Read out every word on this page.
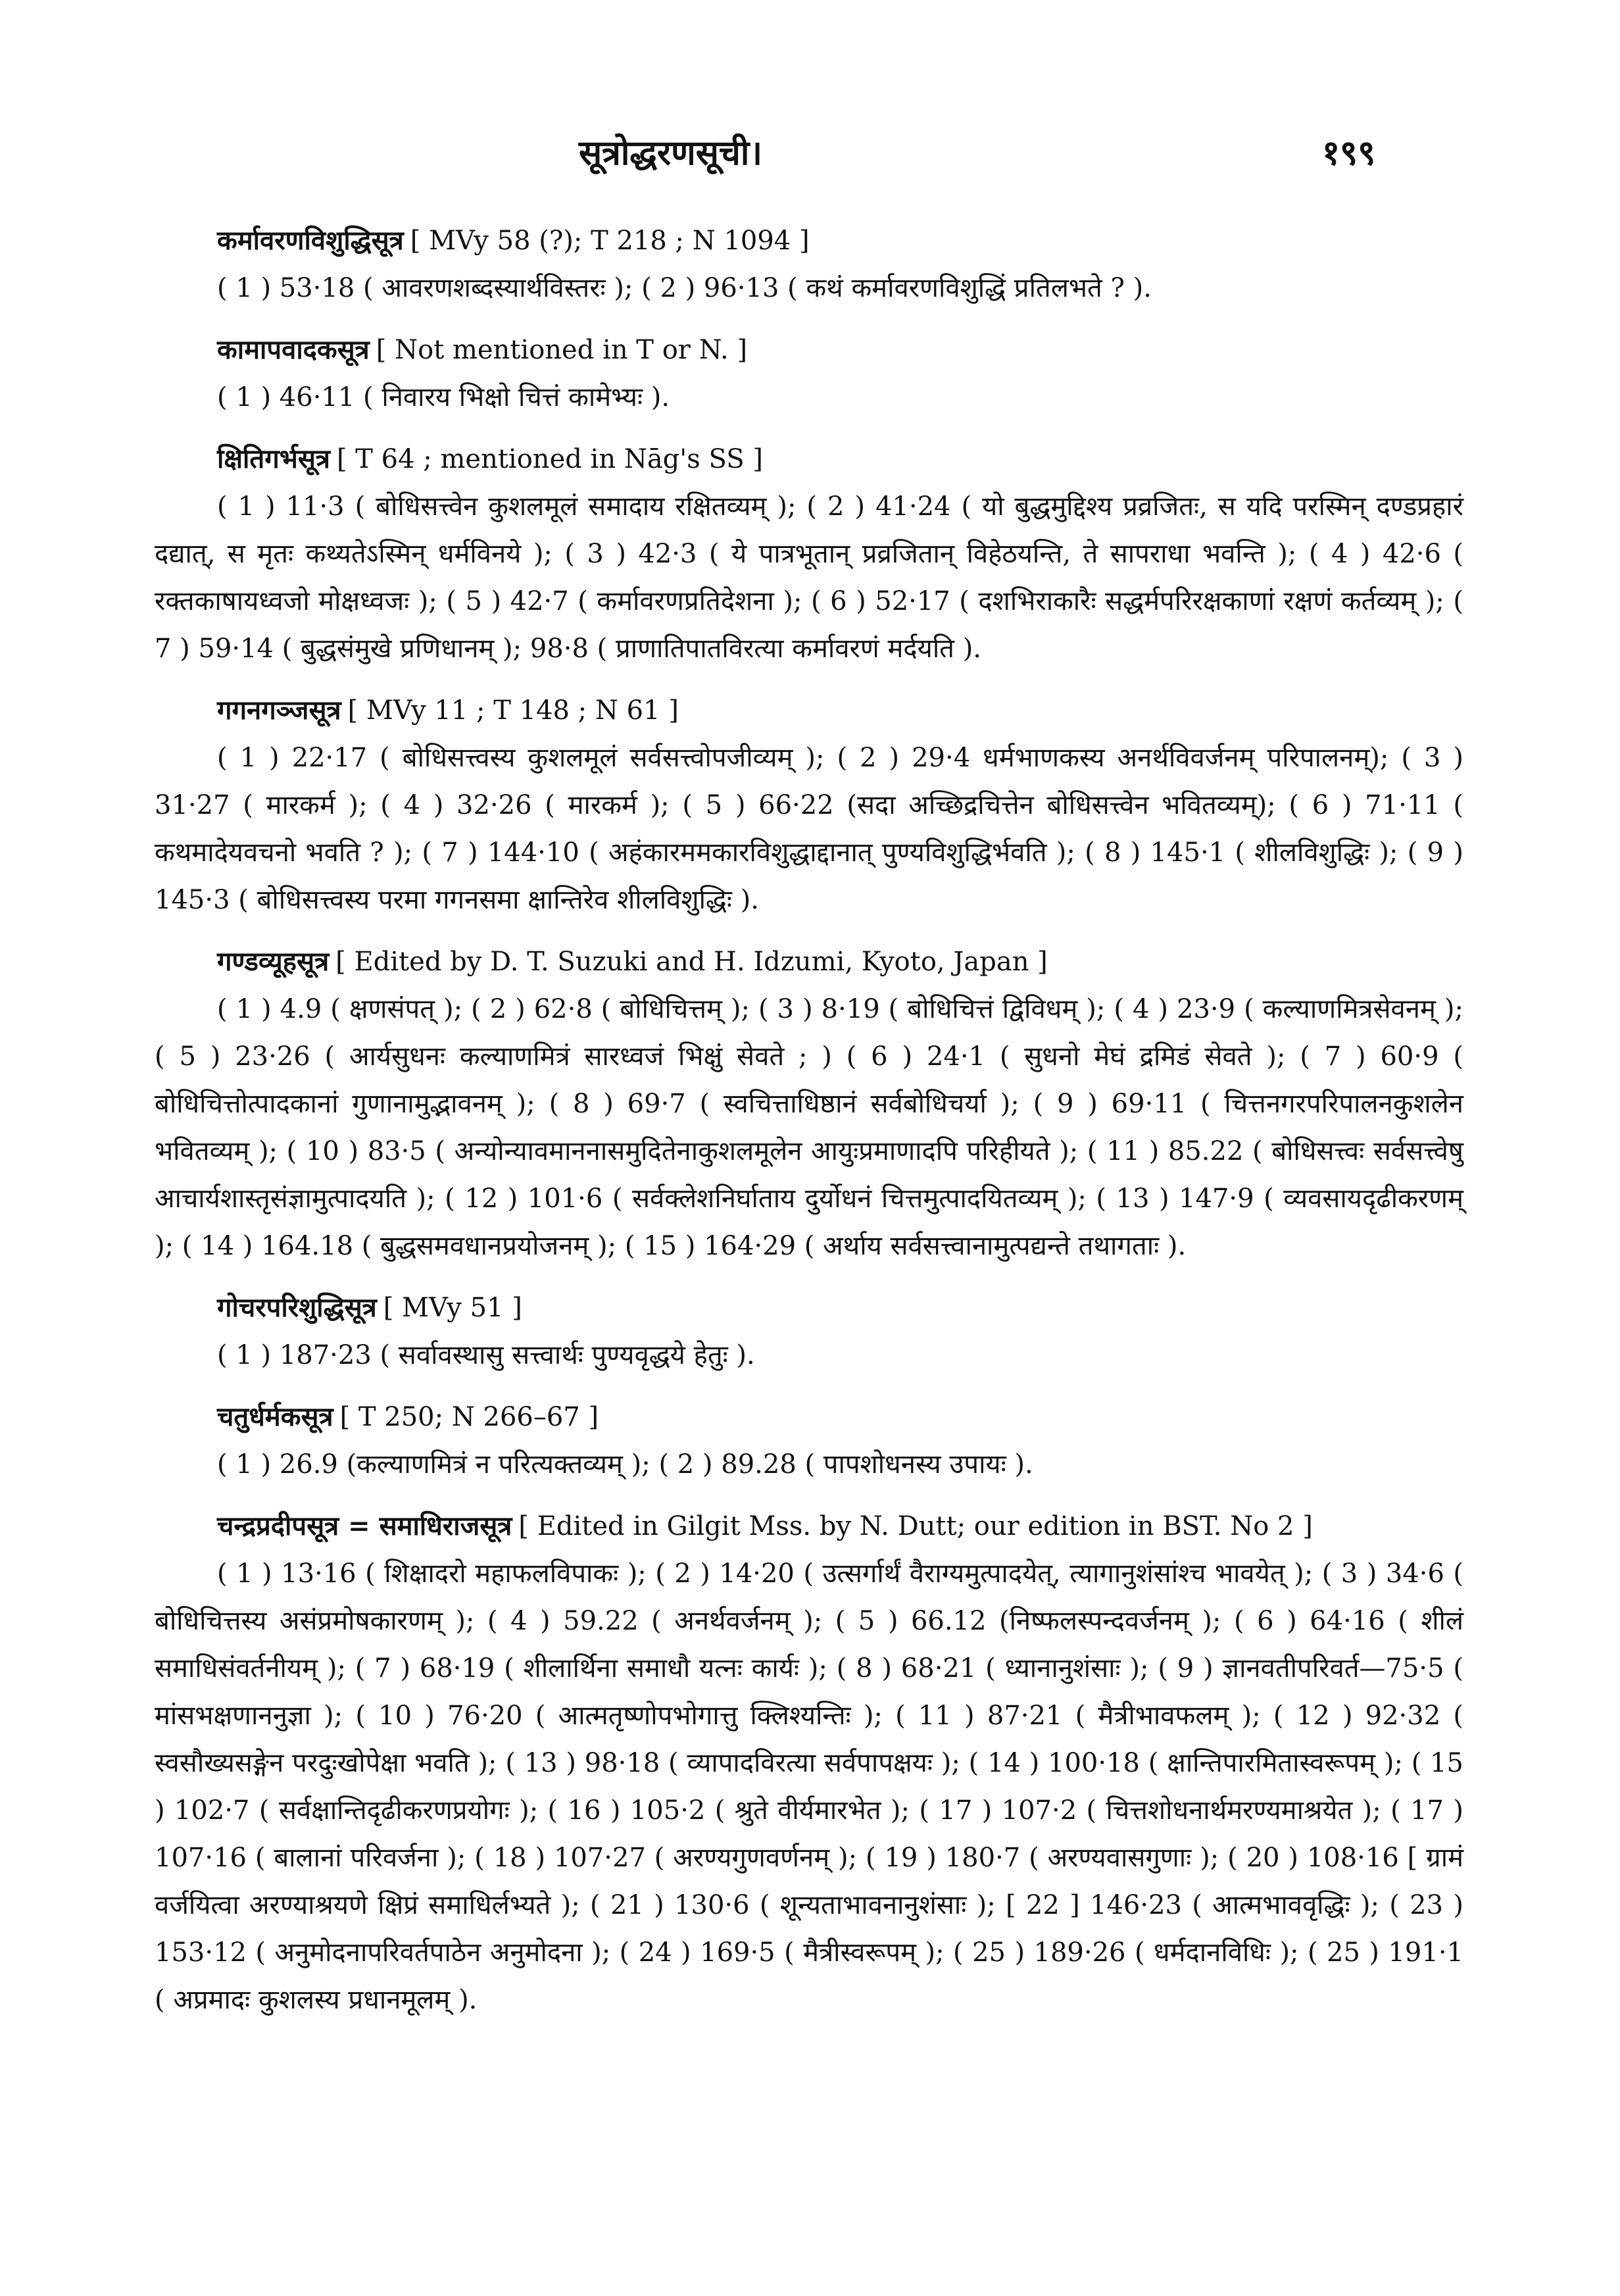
सूत्रोद्धरणसूची।	१९९
कर्मावरणविशुद्धिसूत्र [ MVy 58 (?); T 218 ; N 1094 ]

( 1 ) 53·18 ( आवरणशब्दस्यार्थविस्तरः ); ( 2 ) 96·13 ( कथं कर्मावरणविशुद्धिं प्रतिलभते ? ).

कामापवादकसूत्र [ Not mentioned in T or N. ]

( 1 ) 46·11 ( निवारय भिक्षो चित्तं कामेभ्यः ).

क्षितिगर्भसूत्र [ T 64 ; mentioned in Nāg's SS ]

( 1 ) 11·3 ( बोधिसत्त्वेन कुशलमूलं समादाय रक्षितव्यम् ); ( 2 ) 41·24 ( यो बुद्धमुद्दिश्य प्रव्रजितः, स यदि परस्मिन् दण्डप्रहारं दद्यात्, स मृतः कथ्यतेऽस्मिन् धर्मविनये ); ( 3 ) 42·3 ( ये पात्रभूतान् प्रव्रजितान् विहेठयन्ति, ते सापराधा भवन्ति ); ( 4 ) 42·6 ( रक्तकाषायध्वजो मोक्षध्वजः ); ( 5 ) 42·7 ( कर्मावरणप्रतिदेशना ); ( 6 ) 52·17 ( दशभिराकारैः सद्धर्मपरिरक्षकाणां रक्षणं कर्तव्यम् ); ( 7 ) 59·14 ( बुद्धसंमुखे प्रणिधानम् ); 98·8 ( प्राणातिपातविरत्या कर्मावरणं मर्दयति ).

गगनगञ्जसूत्र [ MVy 11 ; T 148 ; N 61 ]

( 1 ) 22·17 ( बोधिसत्त्वस्य कुशलमूलं सर्वसत्त्वोपजीव्यम् ); ( 2 ) 29·4 धर्मभाणकस्य अनर्थविवर्जनम् परिपालनम्); ( 3 ) 31·27 ( मारकर्म ); ( 4 ) 32·26 ( मारकर्म ); ( 5 ) 66·22 (सदा अच्छिद्रचित्तेन बोधिसत्त्वेन भवितव्यम्); ( 6 ) 71·11 ( कथमादेयवचनो भवति ? ); ( 7 ) 144·10 ( अहंकारममकारविशुद्धाद्दानात् पुण्यविशुद्धिर्भवति ); ( 8 ) 145·1 ( शीलविशुद्धिः ); ( 9 ) 145·3 ( बोधिसत्त्वस्य परमा गगनसमा क्षान्तिरेव शीलविशुद्धिः ).

गण्डव्यूहसूत्र [ Edited by D. T. Suzuki and H. Idzumi, Kyoto, Japan ]

( 1 ) 4.9 ( क्षणसंपत् ); ( 2 ) 62·8 ( बोधिचित्तम् ); ( 3 ) 8·19 ( बोधिचित्तं द्विविधम् ); ( 4 ) 23·9 ( कल्याणमित्रसेवनम् ); ( 5 ) 23·26 ( आर्यसुधनः कल्याणमित्रं सारध्वजं भिक्षुं सेवते ; ) ( 6 ) 24·1 ( सुधनो मेघं द्रमिडं सेवते ); ( 7 ) 60·9 ( बोधिचित्तोत्पादकानां गुणानामुद्भावनम् ); ( 8 ) 69·7 ( स्वचित्ताधिष्ठानं सर्वबोधिचर्या ); ( 9 ) 69·11 ( चित्तनगरपरिपालनकुशलेन भवितव्यम् ); ( 10 ) 83·5 ( अन्योन्यावमाननासमुदितेनाकुशलमूलेन आयुःप्रमाणादपि परिहीयते ); ( 11 ) 85.22 ( बोधिसत्त्वः सर्वसत्त्वेषु आचार्यशास्तृसंज्ञामुत्पादयति ); ( 12 ) 101·6 ( सर्वक्लेशनिर्घाताय दुर्योधनं चित्तमुत्पादयितव्यम् ); ( 13 ) 147·9 ( व्यवसायदृढीकरणम् ); ( 14 ) 164.18 ( बुद्धसमवधानप्रयोजनम् ); ( 15 ) 164·29 ( अर्थाय सर्वसत्त्वानामुत्पद्यन्ते तथागताः ).

गोचरपरिशुद्धिसूत्र [ MVy 51 ]

( 1 ) 187·23 ( सर्वावस्थासु सत्त्वार्थः पुण्यवृद्धये हेतुः ).

चतुर्धर्मकसूत्र [ T 250; N 266–67 ]

( 1 ) 26.9 (कल्याणमित्रं न परित्यक्तव्यम् ); ( 2 ) 89.28 ( पापशोधनस्य उपायः ).

चन्द्रप्रदीपसूत्र = समाधिराजसूत्र [ Edited in Gilgit Mss. by N. Dutt; our edition in BST. No 2 ]

( 1 ) 13·16 ( शिक्षादरो महाफलविपाकः ); ( 2 ) 14·20 ( उत्सर्गार्थं वैराग्यमुत्पादयेत्, त्यागानुशंसांश्च भावयेत् ); ( 3 ) 34·6 ( बोधिचित्तस्य असंप्रमोषकारणम् ); ( 4 ) 59.22 ( अनर्थवर्जनम् ); ( 5 ) 66.12 (निष्फलस्पन्दवर्जनम् ); ( 6 ) 64·16 ( शीलं समाधिसंवर्तनीयम् ); ( 7 ) 68·19 ( शीलार्थिना समाधौ यत्नः कार्यः ); ( 8 ) 68·21 ( ध्यानानुशंसाः ); ( 9 ) ज्ञानवतीपरिवर्त—75·5 ( मांसभक्षणाननुज्ञा ); ( 10 ) 76·20 ( आत्मतृष्णोपभोगात्तु क्लिश्यन्तिः ); ( 11 ) 87·21 ( मैत्रीभावफलम् ); ( 12 ) 92·32 ( स्वसौख्यसङ्गेन परदुःखोपेक्षा भवति ); ( 13 ) 98·18 ( व्यापादविरत्या सर्वपापक्षयः ); ( 14 ) 100·18 ( क्षान्तिपारमितास्वरूपम् ); ( 15 ) 102·7 ( सर्वक्षान्तिदृढीकरणप्रयोगः ); ( 16 ) 105·2 ( श्रुते वीर्यमारभेत ); ( 17 ) 107·2 ( चित्तशोधनार्थमरण्यमाश्रयेत ); ( 17 ) 107·16 ( बालानां परिवर्जना ); ( 18 ) 107·27 ( अरण्यगुणवर्णनम् ); ( 19 ) 180·7 ( अरण्यवासगुणाः ); ( 20 ) 108·16 [ ग्रामं वर्जयित्वा अरण्याश्रयणे क्षिप्रं समाधिर्लभ्यते ); ( 21 ) 130·6 ( शून्यताभावनानुशंसाः ); [ 22 ] 146·23 ( आत्मभाववृद्धिः ); ( 23 ) 153·12 ( अनुमोदनापरिवर्तपाठेन अनुमोदना ); ( 24 ) 169·5 ( मैत्रीस्वरूपम् ); ( 25 ) 189·26 ( धर्मदानविधिः ); ( 25 ) 191·1 ( अप्रमादः कुशलस्य प्रधानमूलम् ).
